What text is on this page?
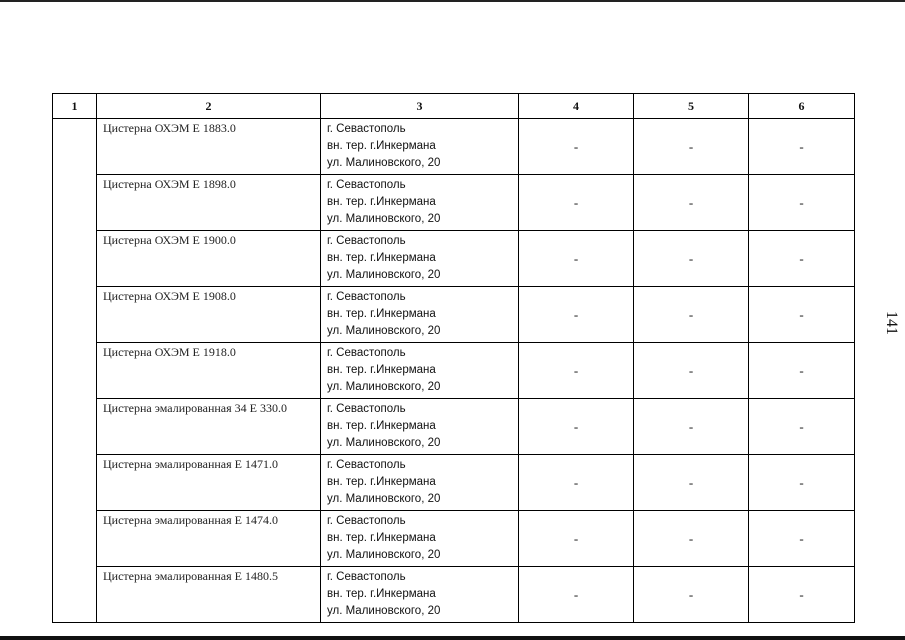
1	2	3	4	5	6
	Цистерна ОХЭМ Е 1883.0	г. Севастополь
вн. тер. г.Инкермана
ул. Малиновского, 20	-	-	-
	Цистерна ОХЭМ Е 1898.0	г. Севастополь
вн. тер. г.Инкермана
ул. Малиновского, 20	-	-	-
	Цистерна ОХЭМ Е 1900.0	г. Севастополь
вн. тер. г.Инкермана
ул. Малиновского, 20	-	-	-
	Цистерна ОХЭМ Е 1908.0	г. Севастополь
вн. тер. г.Инкермана
ул. Малиновского, 20	-	-	-
	Цистерна ОХЭМ Е 1918.0	г. Севастополь
вн. тер. г.Инкермана
ул. Малиновского, 20	-	-	-
	Цистерна эмалированная 34 Е 330.0	г. Севастополь
вн. тер. г.Инкермана
ул. Малиновского, 20	-	-	-
	Цистерна эмалированная Е 1471.0	г. Севастополь
вн. тер. г.Инкермана
ул. Малиновского, 20	-	-	-
	Цистерна эмалированная Е 1474.0	г. Севастополь
вн. тер. г.Инкермана
ул. Малиновского, 20	-	-	-
	Цистерна эмалированная Е 1480.5	г. Севастополь
вн. тер. г.Инкермана
ул. Малиновского, 20	-	-	-
141
